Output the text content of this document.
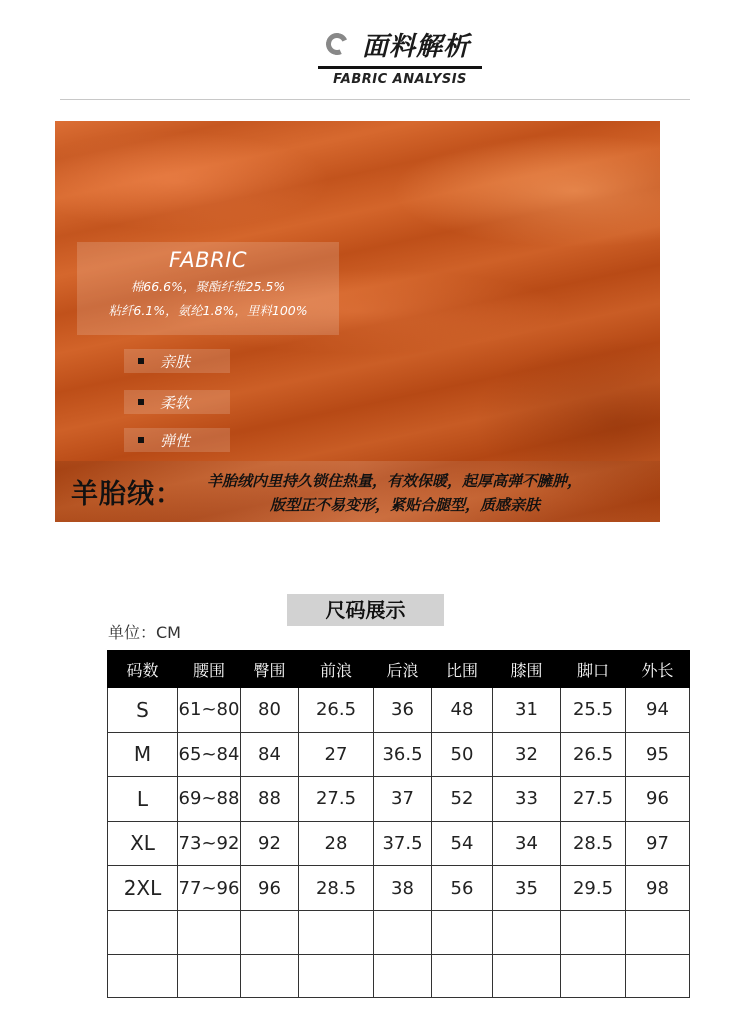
面料解析
FABRIC ANALYSIS
FABRIC
棉66.6%，聚酯纤维25.5%
粘纤6.1%，氨纶1.8%，里料100%
亲肤
柔软
弹性
羊胎绒： 羊胎绒内里持久锁住热量，有效保暖，起厚高弹不臃肿，
版型正不易变形，紧贴合腿型，质感亲肤
尺码展示
单位：CM
码数	腰围	臀围	前浪	后浪	比围	膝围	脚口	外长
S	61~80	80	26.5	36	48	31	25.5	94
M	65~84	84	27	36.5	50	32	26.5	95
L	69~88	88	27.5	37	52	33	27.5	96
XL	73~92	92	28	37.5	54	34	28.5	97
2XL	77~96	96	28.5	38	56	35	29.5	98
